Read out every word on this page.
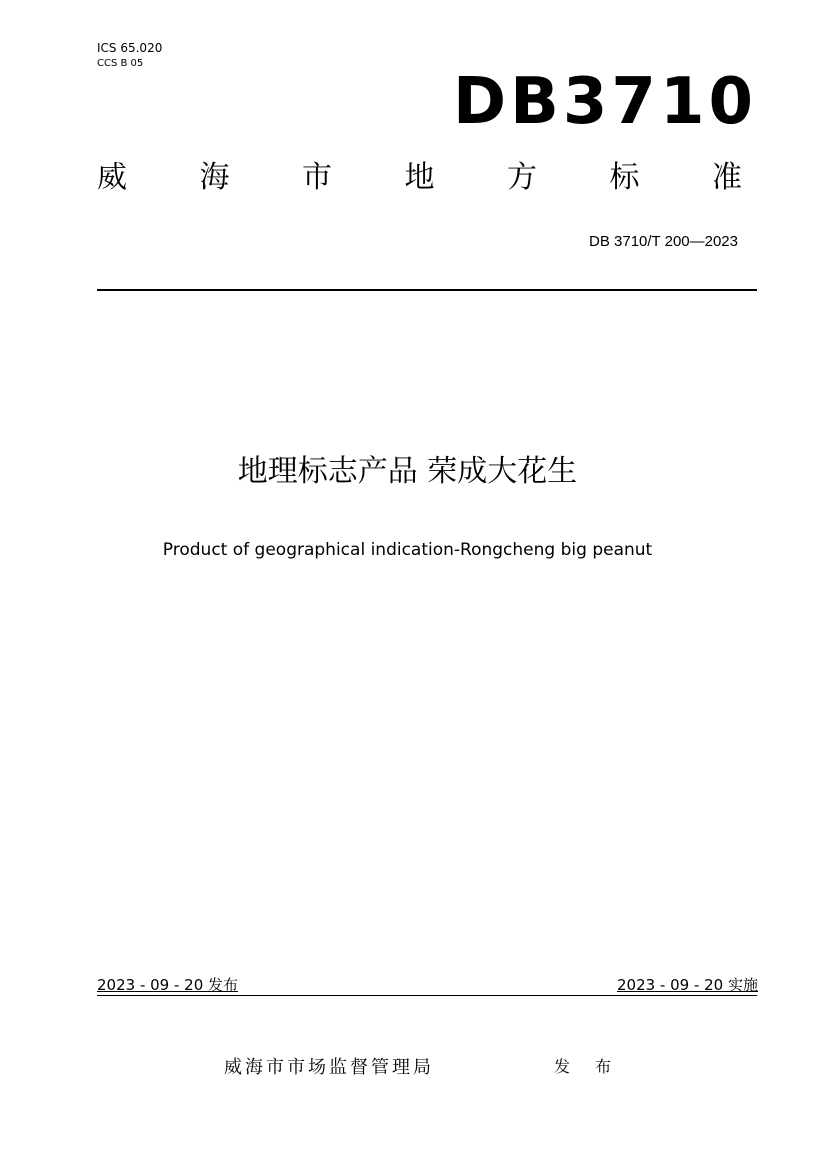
ICS 65.020
CCS B 05
DB3710
威 海 市 地 方 标 准
DB 3710/T 200—2023
地理标志产品 荣成大花生
Product of geographical indication-Rongcheng big peanut
2023 - 09 - 20 发布	2023 - 09 - 20 实施
威海市市场监督管理局	发 布
